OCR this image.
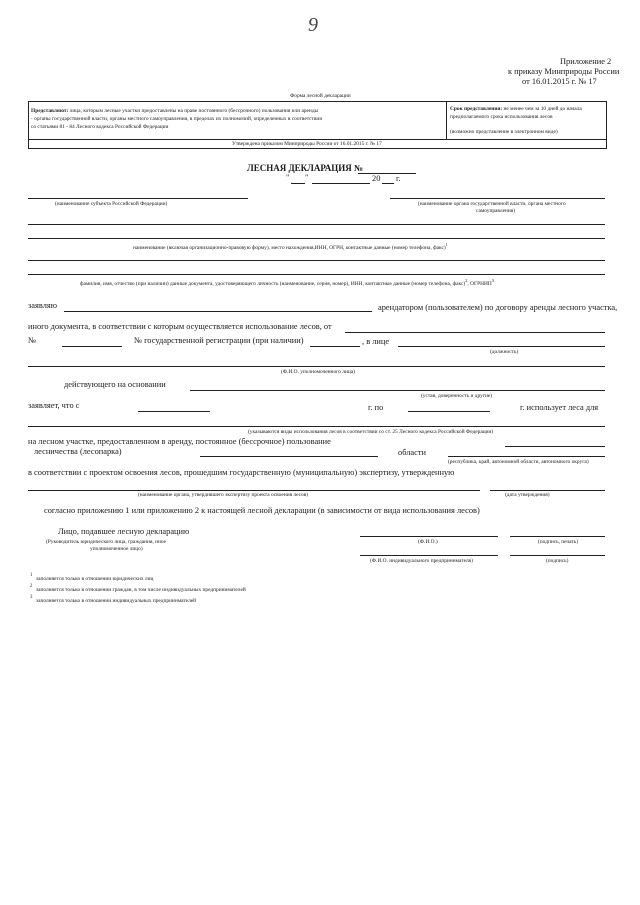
9
Приложение 2
к приказу Минприроды России
от 16.01.2015 г. № 17
Форма лесной декларации
Представляют: лица, которым лесные участки предоставлены на праве постоянного (бессрочного) пользования или аренды
- органы государственной власти, органы местного самоуправления, в пределах их полномочий, определенных в соответствии
со статьями 81 - 84 Лесного кодекса Российской Федерации
Срок представления: не менее чем за 10 дней до начала
предполагаемого срока использования лесов
(возможно представление в электронном виде)
Утверждена приказом Минприроды России от 16.01.2015 г. № 17
ЛЕСНАЯ ДЕКЛАРАЦИЯ №
" "	20 г.
(наименование субъекта Российской Федерации)	(наименование органа государственной власти, органа местного
самоуправления)
наименование (включая организационно-правовую форму), место нахождения,ИНН, ОГРН, контактные данные (номер телефона, факс)$^1$
фамилия, имя, отчество (при наличии) данные документа, удостоверяющего личность (наименование, серия, номер), ИНН, контактные данные (номер телефона, факс)$^2$, ОГРНИП$^3$
заявляю	арендатором (пользователем) по договору аренды лесного участка,
иного документа, в соответствии с которым осуществляется использование лесов, от
№	№ государственной регистрации (при наличии)	, в лице
(должность)
(Ф.И.О. уполномоченного лица)
действующего на основании
(устав, доверенность и другие)
заявляет, что с	г. по	г. использует леса для
(указываются виды использования лесов в соответствии со ст. 25 Лесного кодекса Российской Федерации)
на лесном участке, предоставленном в аренду, постоянное (бессрочное) пользование
лесничества (лесопарка)	области
(республика, край, автономной области, автономного округа)
в соответствии с проектом освоения лесов, прошедшим государственную (муниципальную) экспертизу, утвержденную
(наименование органа, утвердившего экспертизу проекта освоения лесов)	(дата утверждения)
согласно приложению 1 или приложению 2 к настоящей лесной декларации (в зависимости от вида использования лесов)
Лицо, подавшее лесную декларацию
(Руководитель юридического лица, граждания, иное
уполномоченное лицо)
(Ф.И.О.)	(подпись, печать)
(Ф.И.О. индивидуального предпринимателя)	(подпись)
1
заполняется только в отношении юридических лиц
2
заполняется только в отношении граждан, в том числе индивидуальных предпринимателей
3
заполняется только в отношении индивидуальных предпринимателей
